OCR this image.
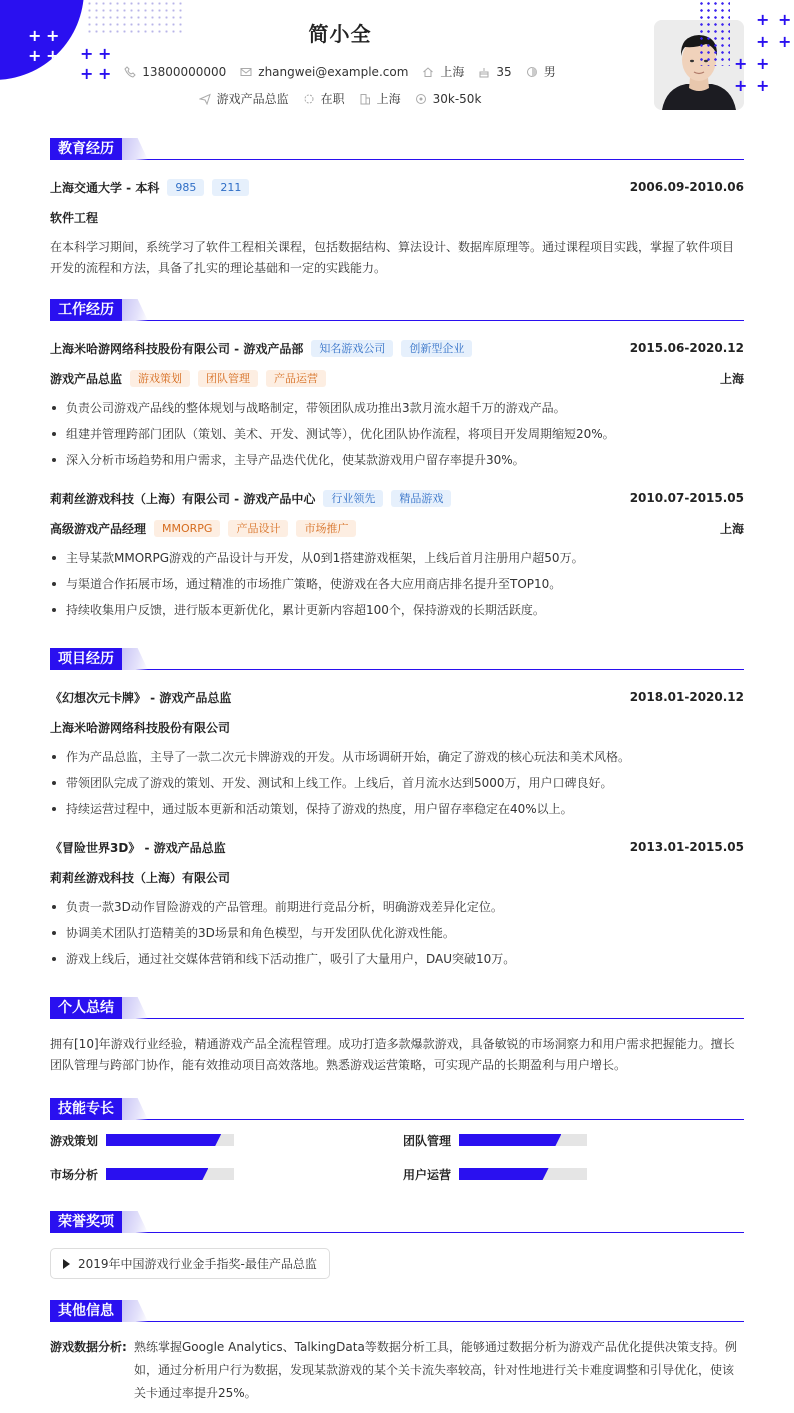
+ +
+ + + +
+ +
简小全
13800000000	zhangwei@example.com	上海	35	男
游戏产品总监	在职	上海	30k-50k
+ +
+ +
+ +
+ +
教育经历
上海交通大学 - 本科	985	211	2006.09-2010.06
软件工程
在本科学习期间，系统学习了软件工程相关课程，包括数据结构、算法设计、数据库原理等。通过课程项目实践，掌握了软件项目开发的流程和方法，具备了扎实的理论基础和一定的实践能力。
工作经历
上海米哈游网络科技股份有限公司 - 游戏产品部	知名游戏公司	创新型企业	2015.06-2020.12
游戏产品总监	游戏策划	团队管理	产品运营	上海
负责公司游戏产品线的整体规划与战略制定，带领团队成功推出3款月流水超千万的游戏产品。
组建并管理跨部门团队（策划、美术、开发、测试等），优化团队协作流程，将项目开发周期缩短20%。
深入分析市场趋势和用户需求，主导产品迭代优化，使某款游戏用户留存率提升30%。
莉莉丝游戏科技（上海）有限公司 - 游戏产品中心	行业领先	精品游戏	2010.07-2015.05
高级游戏产品经理	MMORPG	产品设计	市场推广	上海
主导某款MMORPG游戏的产品设计与开发，从0到1搭建游戏框架，上线后首月注册用户超50万。
与渠道合作拓展市场，通过精准的市场推广策略，使游戏在各大应用商店排名提升至TOP10。
持续收集用户反馈，进行版本更新优化，累计更新内容超100个，保持游戏的长期活跃度。
项目经历
《幻想次元卡牌》 - 游戏产品总监	2018.01-2020.12
上海米哈游网络科技股份有限公司
作为产品总监，主导了一款二次元卡牌游戏的开发。从市场调研开始，确定了游戏的核心玩法和美术风格。
带领团队完成了游戏的策划、开发、测试和上线工作。上线后，首月流水达到5000万，用户口碑良好。
持续运营过程中，通过版本更新和活动策划，保持了游戏的热度，用户留存率稳定在40%以上。
《冒险世界3D》 - 游戏产品总监	2013.01-2015.05
莉莉丝游戏科技（上海）有限公司
负责一款3D动作冒险游戏的产品管理。前期进行竞品分析，明确游戏差异化定位。
协调美术团队打造精美的3D场景和角色模型，与开发团队优化游戏性能。
游戏上线后，通过社交媒体营销和线下活动推广，吸引了大量用户，DAU突破10万。
个人总结
拥有[10]年游戏行业经验，精通游戏产品全流程管理。成功打造多款爆款游戏，具备敏锐的市场洞察力和用户需求把握能力。擅长团队管理与跨部门协作，能有效推动项目高效落地。熟悉游戏运营策略，可实现产品的长期盈利与用户增长。
技能专长
游戏策划	团队管理
市场分析	用户运营
荣誉奖项
2019年中国游戏行业金手指奖-最佳产品总监
其他信息
游戏数据分析: 熟练掌握Google Analytics、TalkingData等数据分析工具，能够通过数据分析为游戏产品优化提供决策支持。例如，通过分析用户行为数据，发现某款游戏的某个关卡流失率较高，针对性地进行关卡难度调整和引导优化，使该关卡通过率提升25%。
